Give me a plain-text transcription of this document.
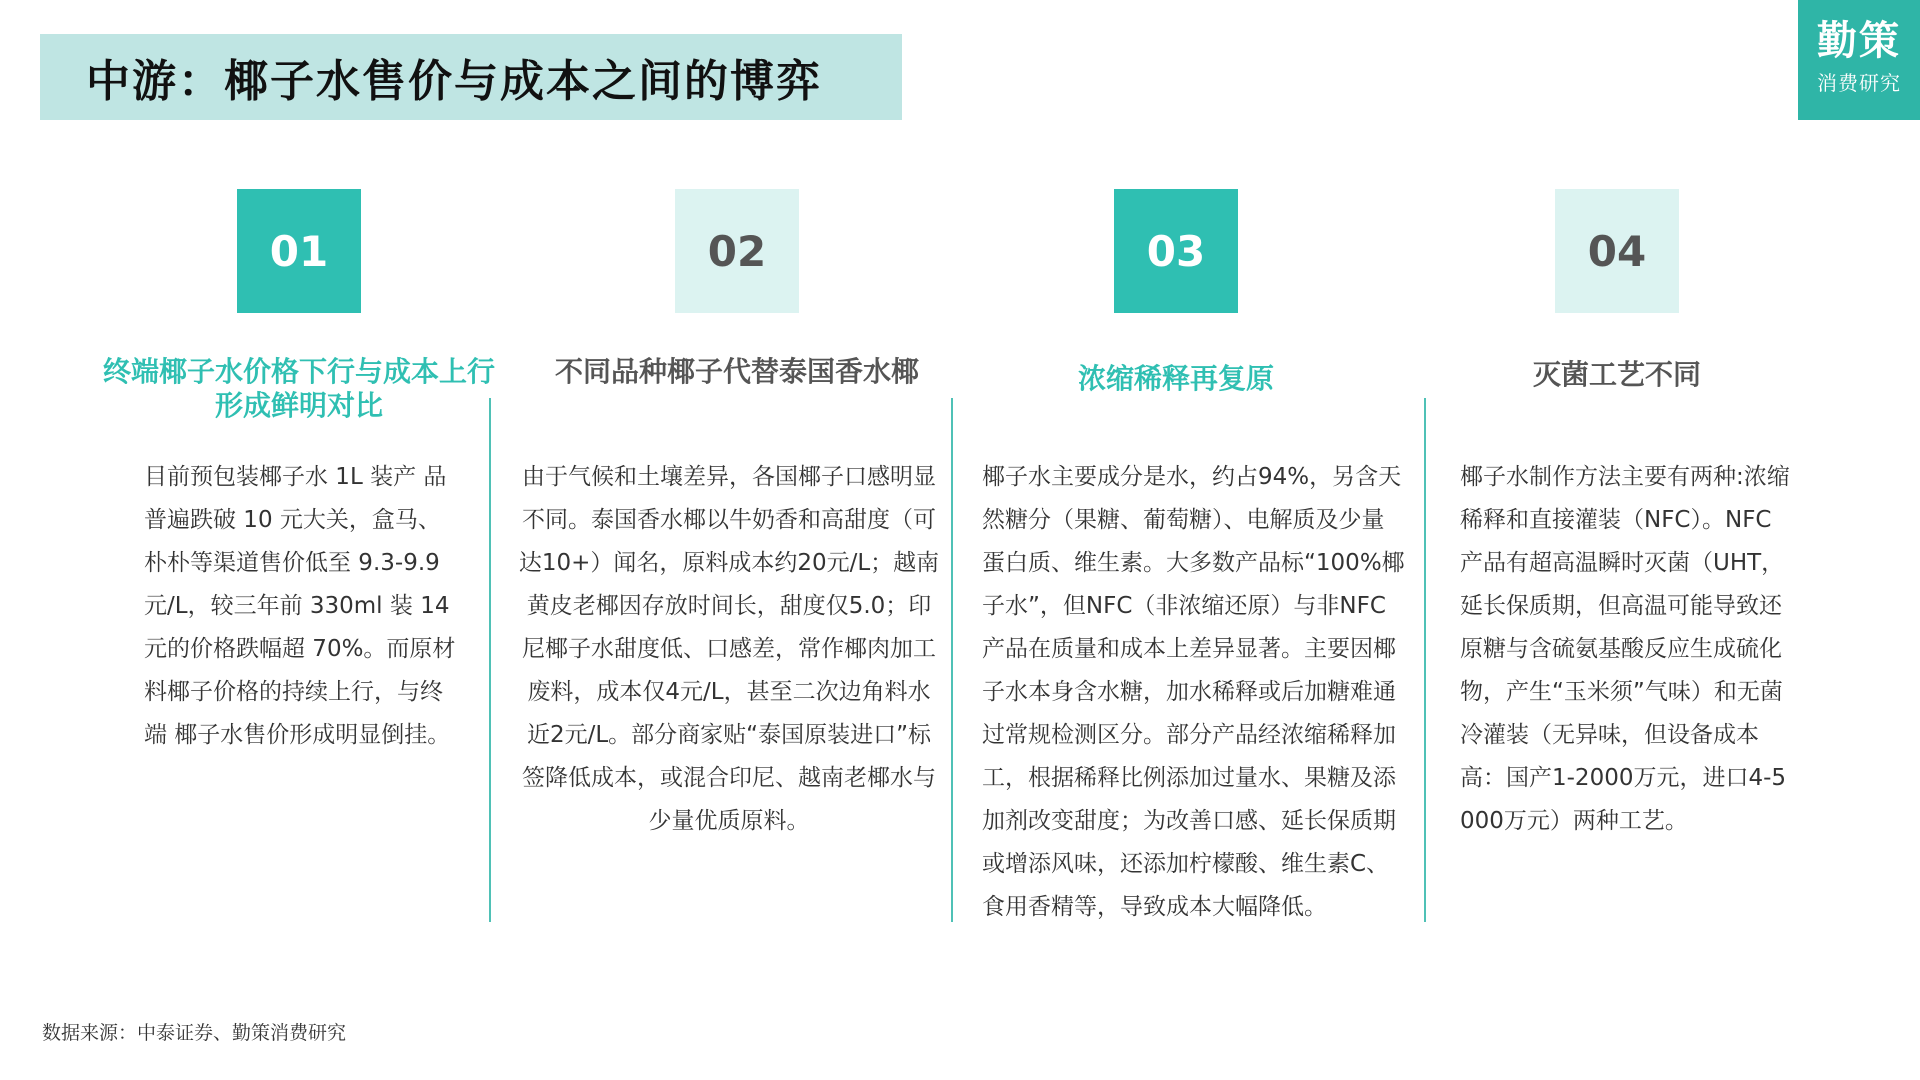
中游：椰子水售价与成本之间的博弈
勤策
消费研究
01
终端椰子水价格下行与成本上行形成鲜明对比
目前预包装椰子水 1L 装产 品普遍跌破 10 元大关，盒马、朴朴等渠道售价低至 9.3-9.9 元/L，较三年前 330ml 装 14 元的价格跌幅超 70%。而原材料椰子价格的持续上行，与终端 椰子水售价形成明显倒挂。
02
不同品种椰子代替泰国香水椰
由于气候和土壤差异，各国椰子口感明显不同。泰国香水椰以牛奶香和高甜度（可达10+）闻名，原料成本约20元/L；越南黄皮老椰因存放时间长，甜度仅5.0；印尼椰子水甜度低、口感差，常作椰肉加工废料，成本仅4元/L，甚至二次边角料水近2元/L。部分商家贴“泰国原装进口”标签降低成本，或混合印尼、越南老椰水与少量优质原料。
03
浓缩稀释再复原
椰子水主要成分是水，约占94%，另含天然糖分（果糖、葡萄糖）、电解质及少量蛋白质、维生素。大多数产品标“100%椰子水”，但NFC（非浓缩还原）与非NFC产品在质量和成本上差异显著。主要因椰子水本身含水糖，加水稀释或后加糖难通过常规检测区分。部分产品经浓缩稀释加工，根据稀释比例添加过量水、果糖及添加剂改变甜度；为改善口感、延长保质期或增添风味，还添加柠檬酸、维生素C、食用香精等，导致成本大幅降低。
04
灭菌工艺不同
椰子水制作方法主要有两种:浓缩稀释和直接灌装（NFC）。NFC产品有超高温瞬时灭菌（UHT，延长保质期，但高温可能导致还原糖与含硫氨基酸反应生成硫化物，产生“玉米须”气味）和无菌冷灌装（无异味，但设备成本高：国产1-2000万元，进口4-5000万元）两种工艺。
数据来源：中泰证券、勤策消费研究
